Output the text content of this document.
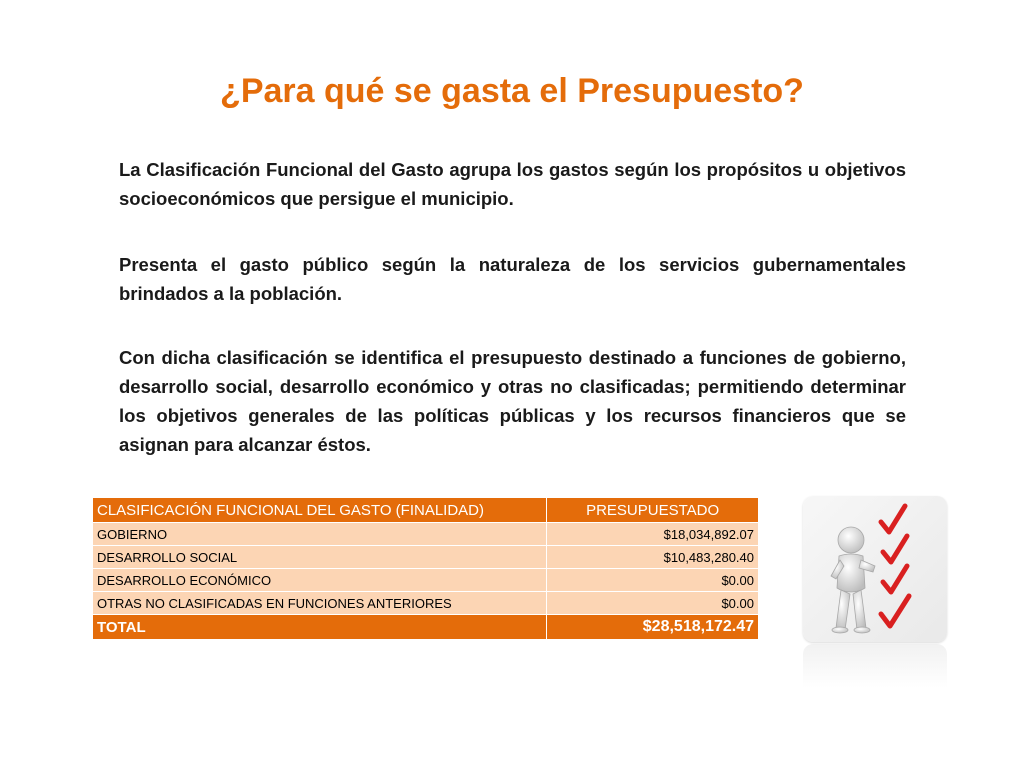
¿Para qué se gasta el Presupuesto?

La Clasificación Funcional del Gasto agrupa los gastos según los propósitos u objetivos socioeconómicos que persigue el municipio.

Presenta el gasto público según la naturaleza de los servicios gubernamentales brindados a la población.

Con dicha clasificación se identifica el presupuesto destinado a funciones de gobierno, desarrollo social, desarrollo económico y otras no clasificadas; permitiendo determinar los objetivos generales de las políticas públicas y los recursos financieros que se asignan para alcanzar éstos.

CLASIFICACIÓN FUNCIONAL DEL GASTO (FINALIDAD)	PRESUPUESTADO
GOBIERNO	$18,034,892.07
DESARROLLO SOCIAL	$10,483,280.40
DESARROLLO ECONÓMICO	$0.00
OTRAS NO CLASIFICADAS EN FUNCIONES ANTERIORES	$0.00
TOTAL	$28,518,172.47
